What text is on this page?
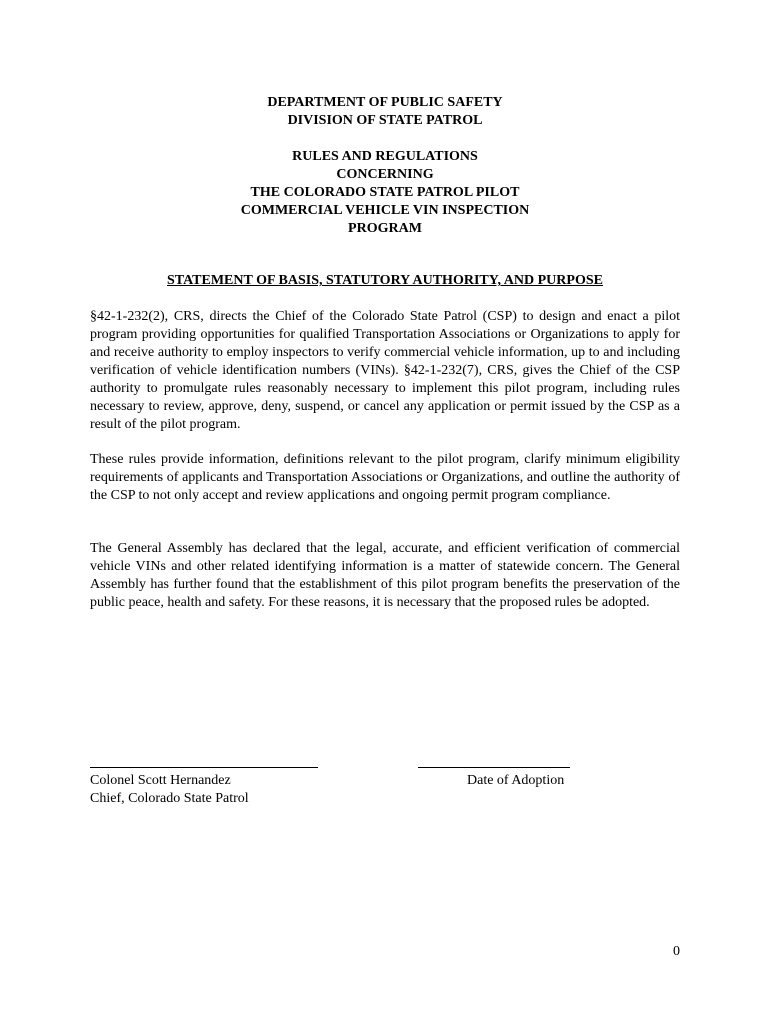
DEPARTMENT OF PUBLIC SAFETY
DIVISION OF STATE PATROL
RULES AND REGULATIONS
CONCERNING
THE COLORADO STATE PATROL PILOT
COMMERCIAL VEHICLE VIN INSPECTION
PROGRAM
STATEMENT OF BASIS, STATUTORY AUTHORITY, AND PURPOSE

§42-1-232(2), CRS, directs the Chief of the Colorado State Patrol (CSP) to design and enact a pilot program providing opportunities for qualified Transportation Associations or Organizations to apply for and receive authority to employ inspectors to verify commercial vehicle information, up to and including verification of vehicle identification numbers (VINs). §42-1-232(7), CRS, gives the Chief of the CSP authority to promulgate rules reasonably necessary to implement this pilot program, including rules necessary to review, approve, deny, suspend, or cancel any application or permit issued by the CSP as a result of the pilot program.

These rules provide information, definitions relevant to the pilot program, clarify minimum eligibility requirements of applicants and Transportation Associations or Organizations, and outline the authority of the CSP to not only accept and review applications and ongoing permit program compliance.

The General Assembly has declared that the legal, accurate, and efficient verification of commercial vehicle VINs and other related identifying information is a matter of statewide concern. The General Assembly has further found that the establishment of this pilot program benefits the preservation of the public peace, health and safety. For these reasons, it is necessary that the proposed rules be adopted.

Colonel Scott Hernandez
Chief, Colorado State Patrol
Date of Adoption
0
